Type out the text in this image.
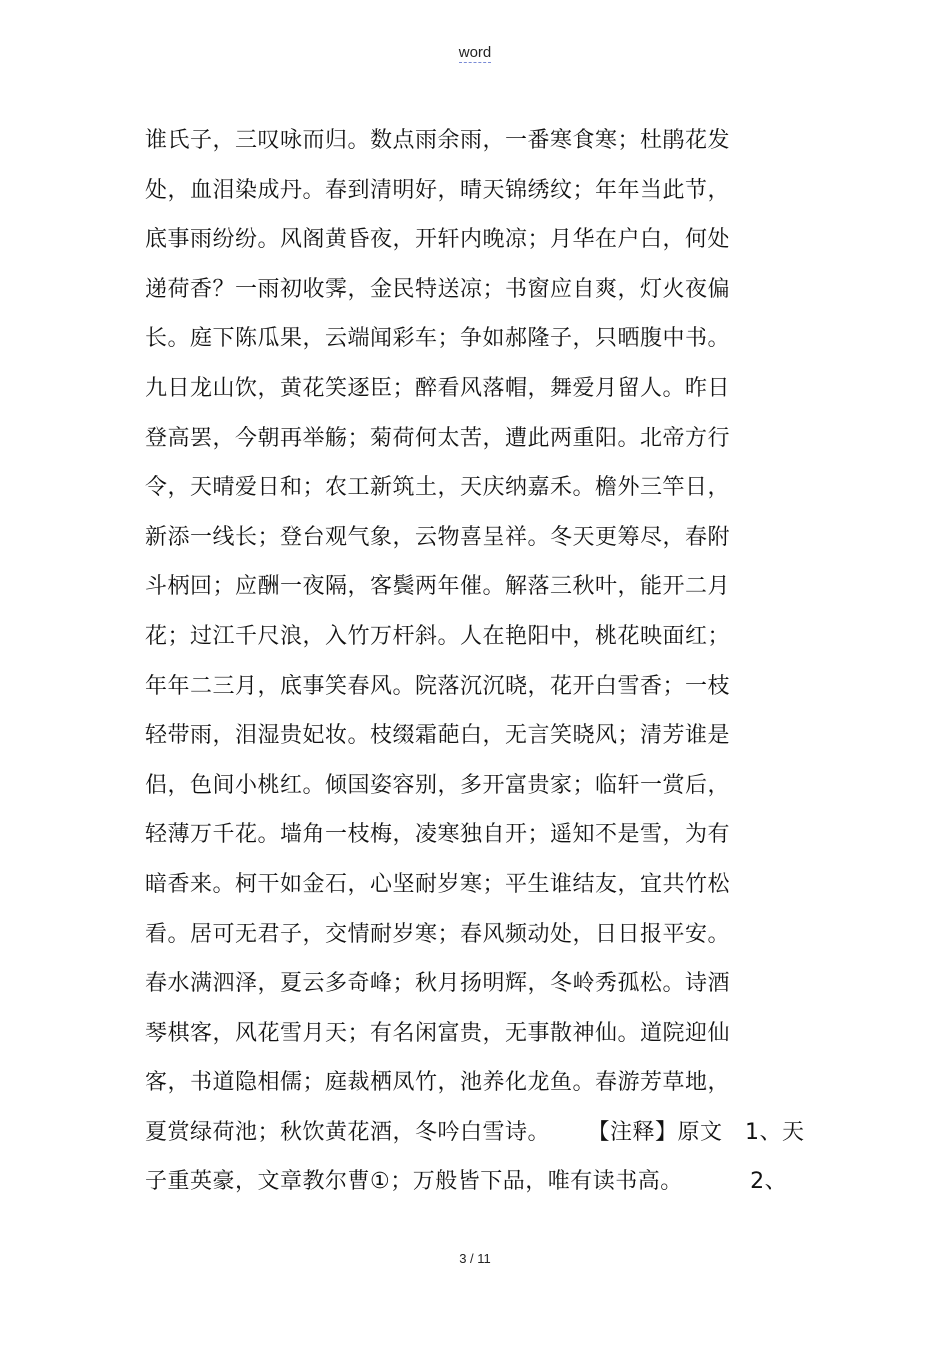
word
谁氏子，三叹咏而归。数点雨余雨，一番寒食寒；杜鹃花发
处，血泪染成丹。春到清明好，晴天锦绣纹；年年当此节，
底事雨纷纷。风阁黄昏夜，开轩内晚凉；月华在户白，何处
递荷香？一雨初收霁，金民特送凉；书窗应自爽，灯火夜偏
长。庭下陈瓜果，云端闻彩车；争如郝隆子，只晒腹中书。
九日龙山饮，黄花笑逐臣；醉看风落帽，舞爱月留人。昨日
登高罢，今朝再举觞；菊荷何太苦，遭此两重阳。北帝方行
令，天晴爱日和；农工新筑土，天庆纳嘉禾。檐外三竿日，
新添一线长；登台观气象，云物喜呈祥。冬天更筹尽，春附
斗柄回；应酬一夜隔，客鬓两年催。解落三秋叶，能开二月
花；过江千尺浪，入竹万杆斜。人在艳阳中，桃花映面红；
年年二三月，底事笑春风。院落沉沉晓，花开白雪香；一枝
轻带雨，泪湿贵妃妆。枝缀霜葩白，无言笑晓风；清芳谁是
侣，色间小桃红。倾国姿容别，多开富贵家；临轩一赏后，
轻薄万千花。墙角一枝梅，凌寒独自开；遥知不是雪，为有
暗香来。柯干如金石，心坚耐岁寒；平生谁结友，宜共竹松
看。居可无君子，交情耐岁寒；春风频动处，日日报平安。
春水满泗泽，夏云多奇峰；秋月扬明辉，冬岭秀孤松。诗酒
琴棋客，风花雪月天；有名闲富贵，无事散神仙。道院迎仙
客，书道隐相儒；庭裁栖凤竹，池养化龙鱼。春游芳草地，
夏赏绿荷池；秋饮黄花酒，冬吟白雪诗。     【注释】原文   1、天
子重英豪，文章教尔曹①；万般皆下品，唯有读书高。         2、
3 / 11
